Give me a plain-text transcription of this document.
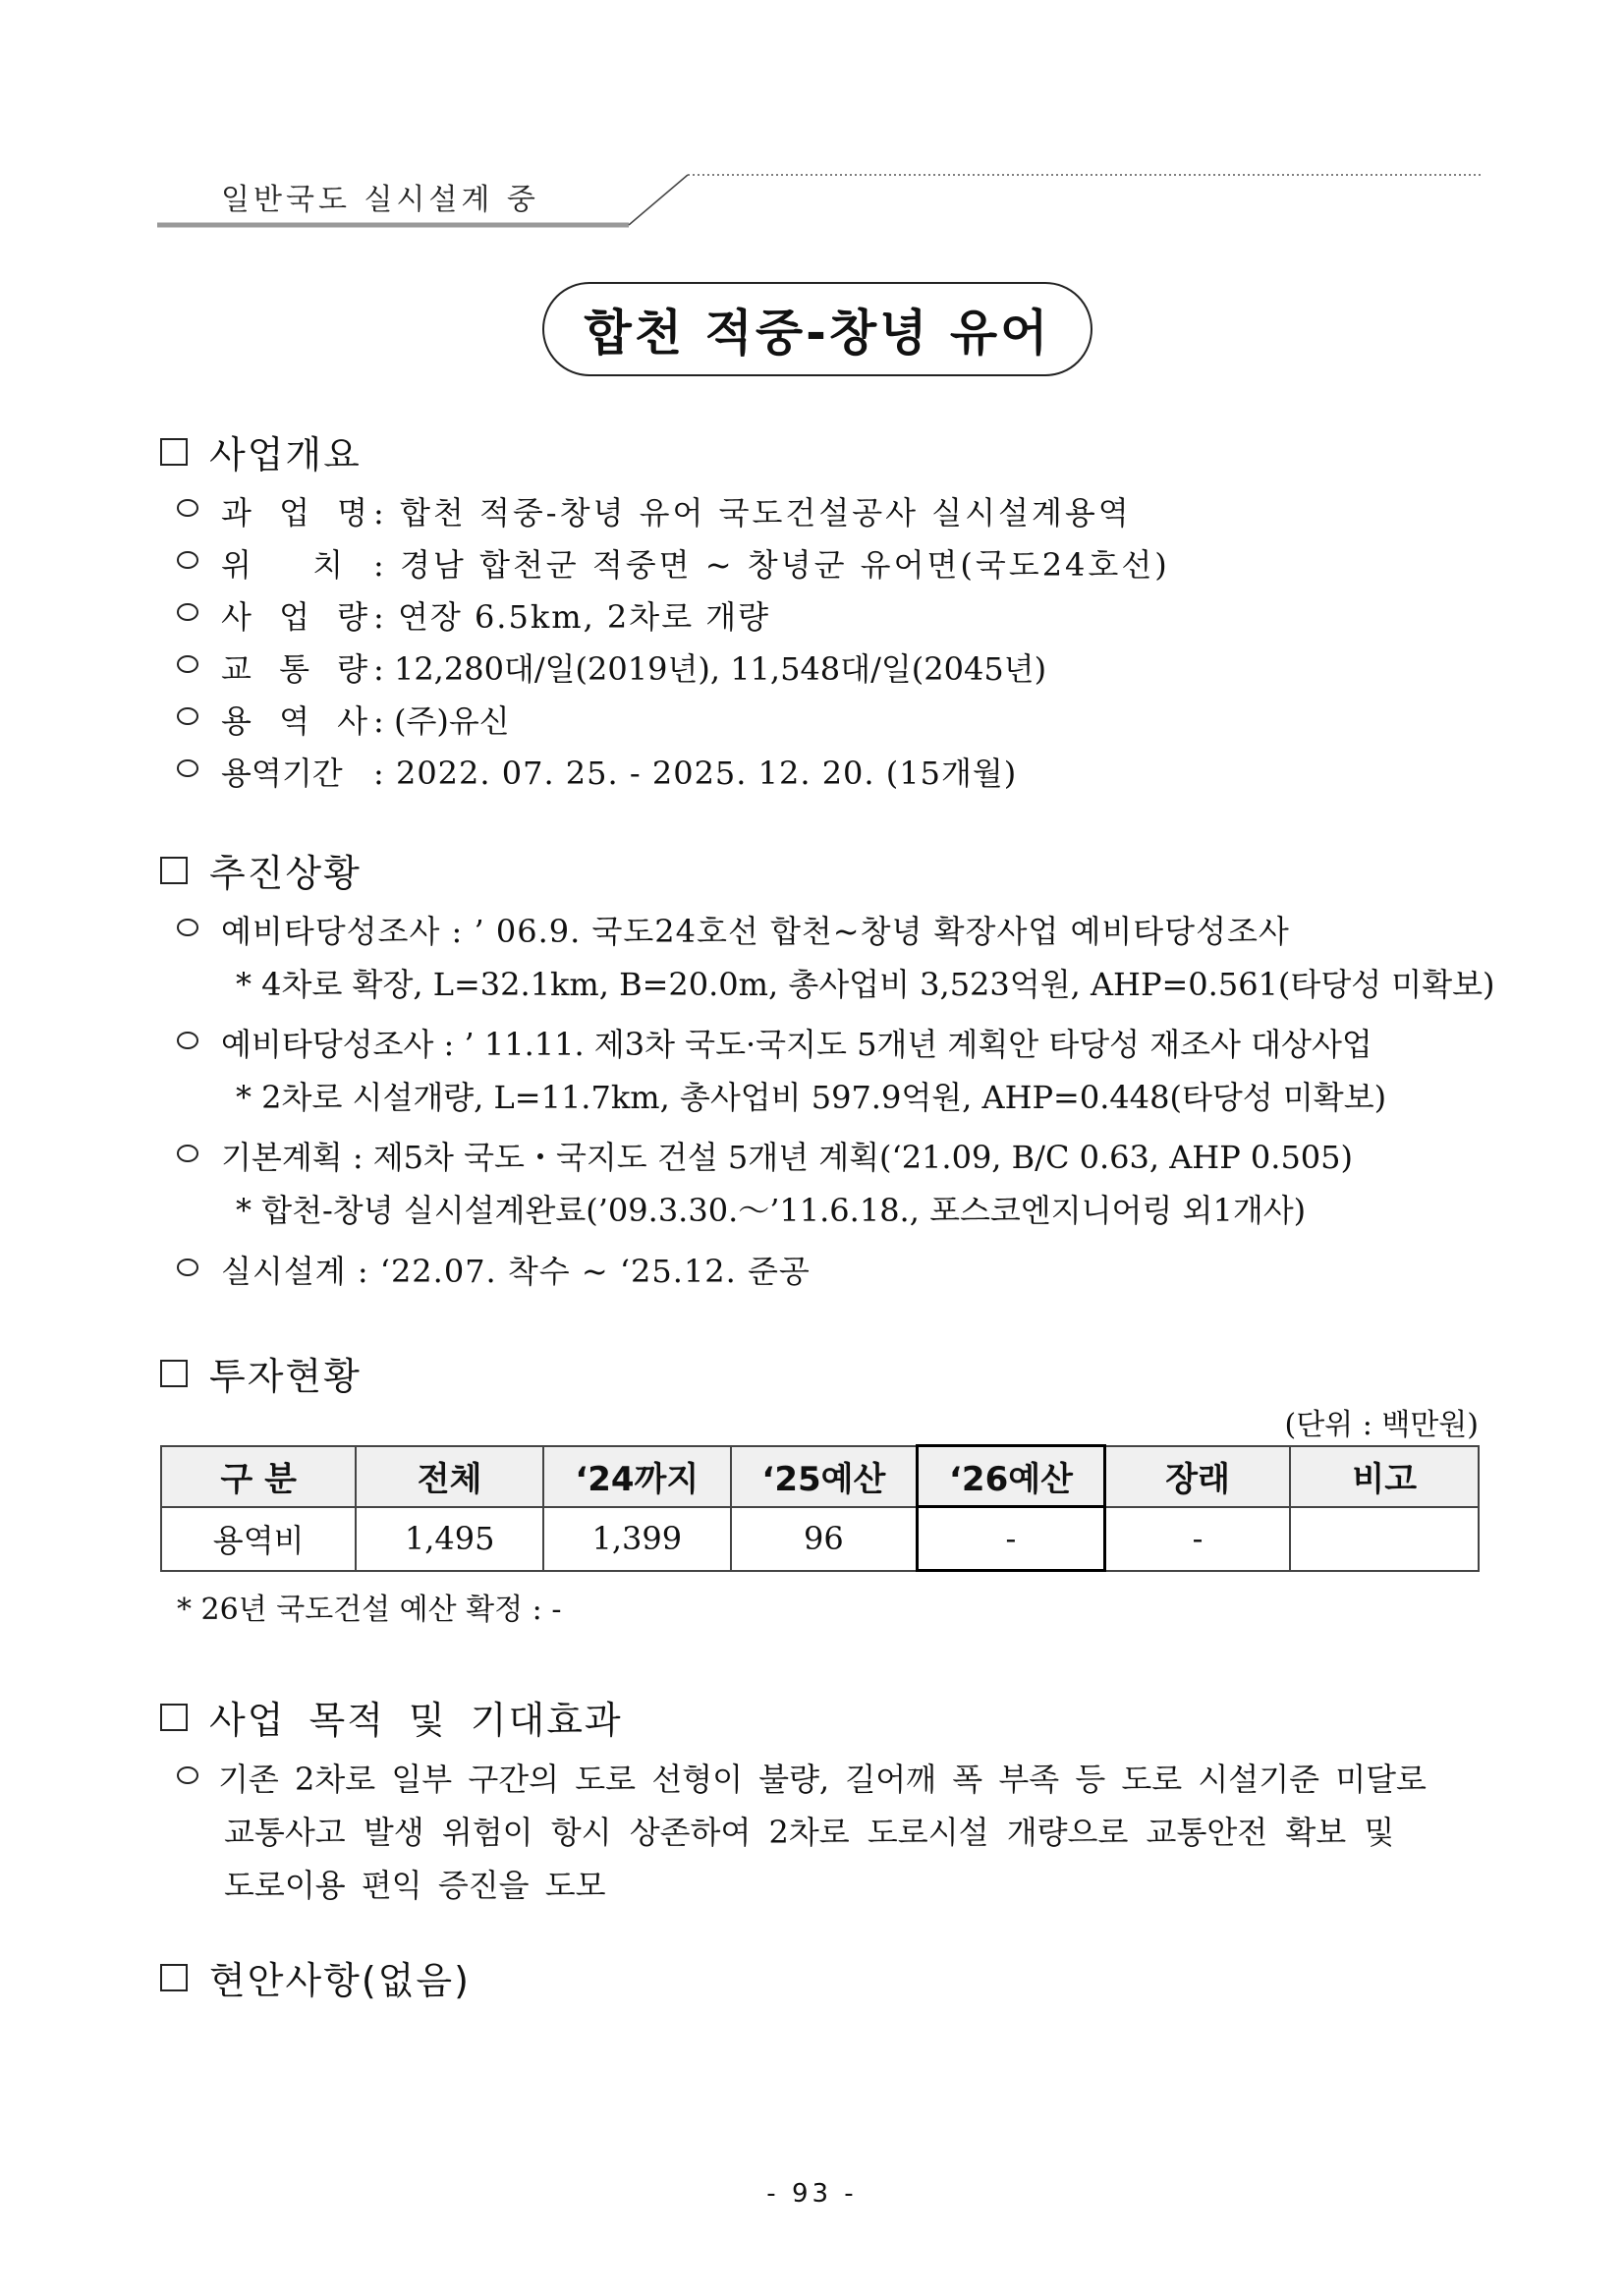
일반국도 실시설계 중
합천 적중-창녕 유어
사업개요
과 업 명
: 합천 적중-창녕 유어 국도건설공사 실시설계용역
위 치 : 경남 합천군 적중면 ~ 창녕군 유어면(국도24호선)
사 업 량
: 연장 6.5km, 2차로 개량
교 통 량
: 12,280대/일(2019년), 11,548대/일(2045년)
용 역 사
: (주)유신
용역기간 : 2022. 07. 25. - 2025. 12. 20. (15개월)
추진상황
예비타당성조사 : ’ 06.9. 국도24호선 합천~창녕 확장사업 예비타당성조사
* 4차로 확장, L=32.1km, B=20.0m, 총사업비 3,523억원, AHP=0.561(타당성 미확보)
예비타당성조사 : ’ 11.11. 제3차 국도·국지도 5개년 계획안 타당성 재조사 대상사업
* 2차로 시설개량, L=11.7km, 총사업비 597.9억원, AHP=0.448(타당성 미확보)
기본계획 : 제5차 국도・국지도 건설 5개년 계획(‘21.09, B/C 0.63, AHP 0.505)
* 합천-창녕 실시설계완료(’09.3.30.～’11.6.18., 포스코엔지니어링 외1개사)
실시설계 : ‘22.07. 착수 ~ ‘25.12. 준공
투자현황
(단위 : 백만원)
구 분	전체	‘24까지	‘25예산	‘26예산	장래	비고
용역비	1,495	1,399	96	-	-	
* 26년 국도건설 예산 확정 : -
사업 목적 및 기대효과
기존 2차로 일부 구간의 도로 선형이 불량, 길어깨 폭 부족 등 도로 시설기준 미달로
교통사고 발생 위험이 항시 상존하여 2차로 도로시설 개량으로 교통안전 확보 및
도로이용 편익 증진을 도모
현안사항(없음)
- 93 -
